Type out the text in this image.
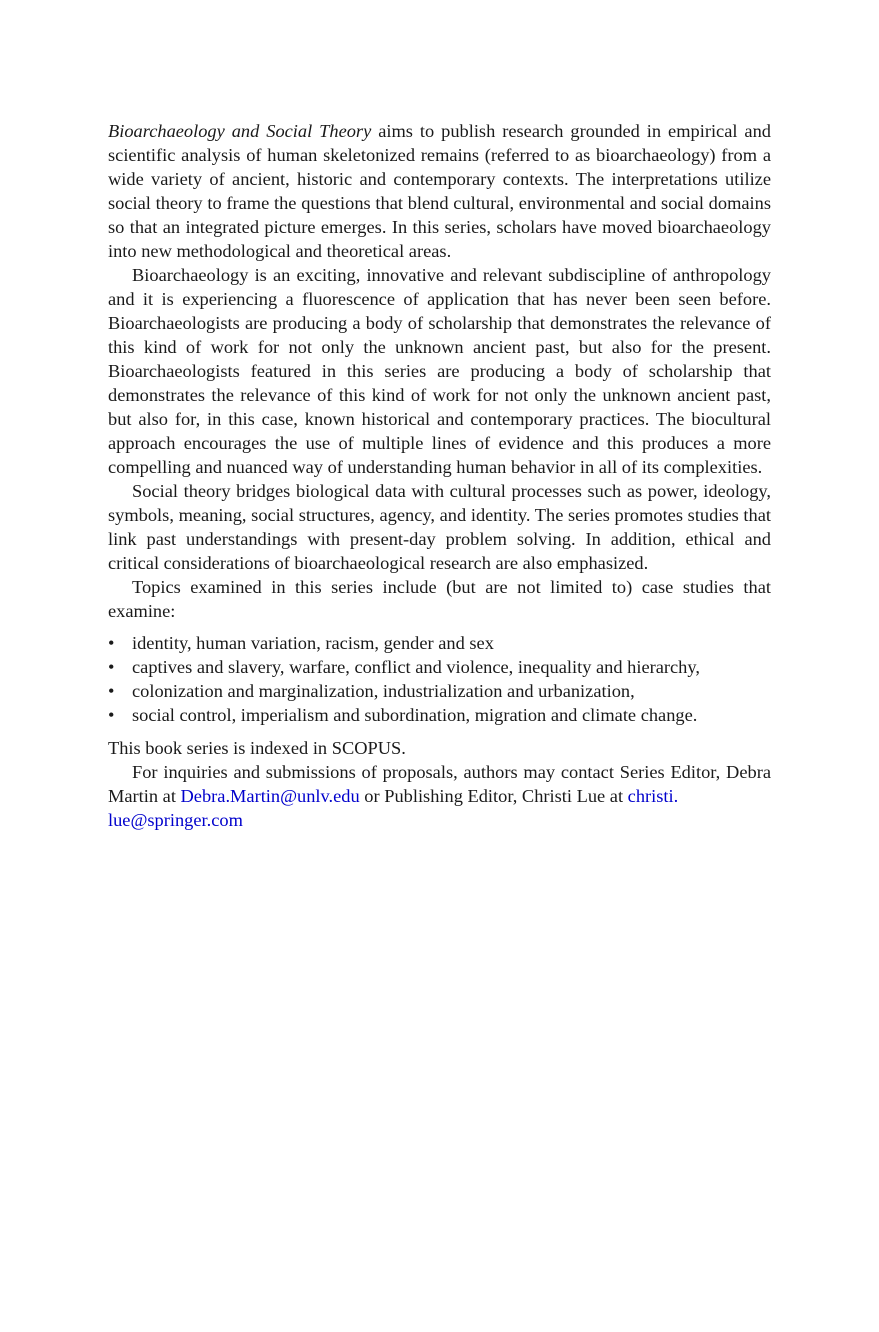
Bioarchaeology and Social Theory aims to publish research grounded in empirical and scientific analysis of human skeletonized remains (referred to as bioarchaeology) from a wide variety of ancient, historic and contemporary contexts. The interpretations utilize social theory to frame the questions that blend cultural, environmental and social domains so that an integrated picture emerges. In this series, scholars have moved bioarchaeology into new methodological and theoretical areas.

Bioarchaeology is an exciting, innovative and relevant subdiscipline of anthropology and it is experiencing a fluorescence of application that has never been seen before. Bioarchaeologists are producing a body of scholarship that demonstrates the relevance of this kind of work for not only the unknown ancient past, but also for the present. Bioarchaeologists featured in this series are producing a body of scholarship that demonstrates the relevance of this kind of work for not only the unknown ancient past, but also for, in this case, known historical and contemporary practices. The biocultural approach encourages the use of multiple lines of evidence and this produces a more compelling and nuanced way of understanding human behavior in all of its complexities.

Social theory bridges biological data with cultural processes such as power, ideology, symbols, meaning, social structures, agency, and identity. The series promotes studies that link past understandings with present-day problem solving. In addition, ethical and critical considerations of bioarchaeological research are also emphasized.

Topics examined in this series include (but are not limited to) case studies that examine:

• identity, human variation, racism, gender and sex
• captives and slavery, warfare, conflict and violence, inequality and hierarchy,
• colonization and marginalization, industrialization and urbanization,
• social control, imperialism and subordination, migration and climate change.

This book series is indexed in SCOPUS.

For inquiries and submissions of proposals, authors may contact Series Editor, Debra Martin at Debra.Martin@unlv.edu or Publishing Editor, Christi Lue at christi.
lue@springer.com
